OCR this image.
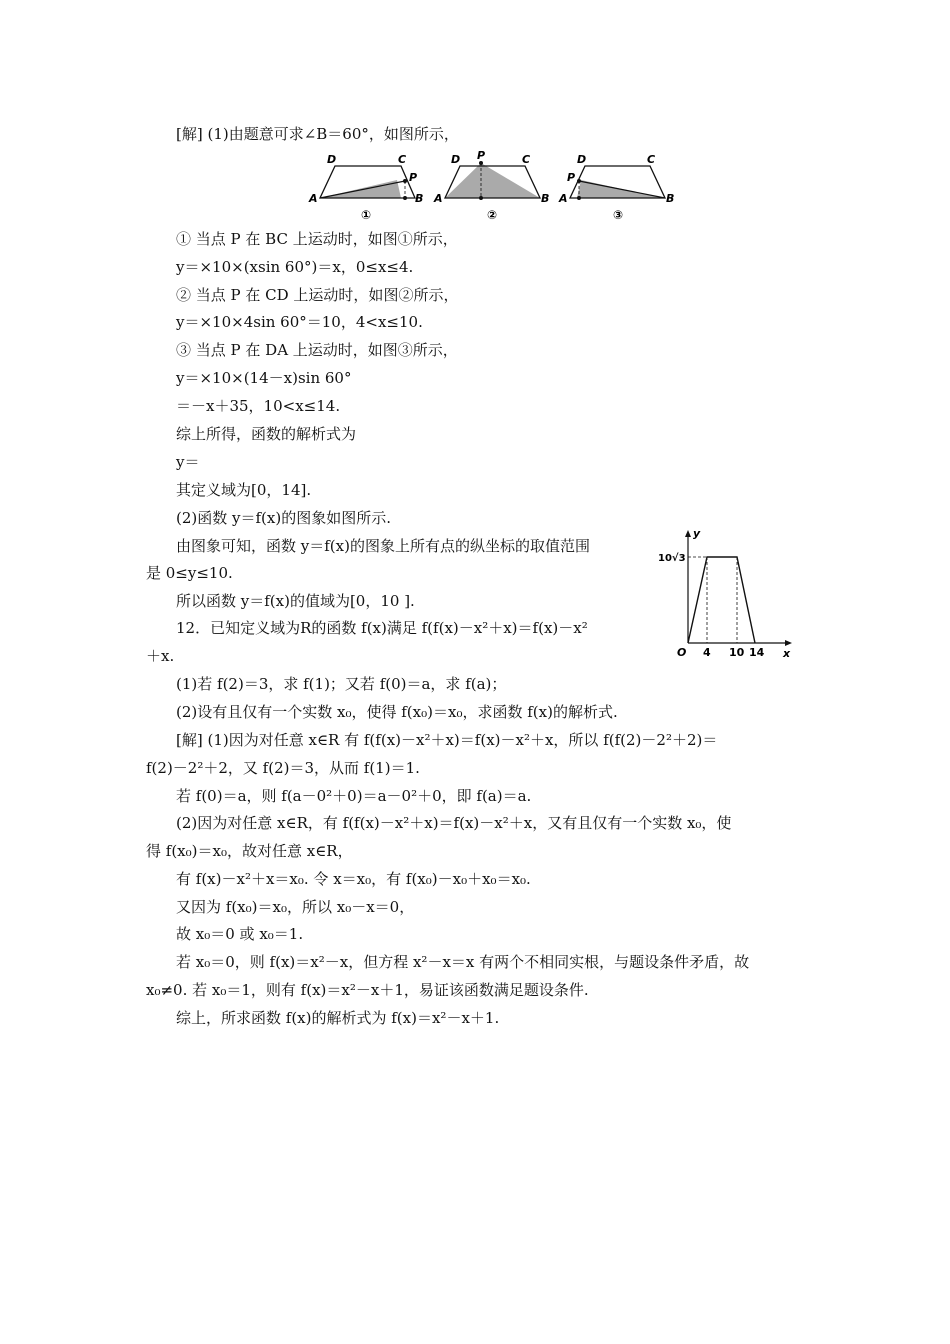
[解] (1)由题意可求∠B＝60°，如图所示，
D	C
A	B
P
①
D P	C
A	B
②
D	C
P
A	B
③
① 当点 P 在 BC 上运动时，如图①所示，
y＝×10×(xsin 60°)＝x，0≤x≤4.
② 当点 P 在 CD 上运动时，如图②所示，
y＝×10×4sin 60°＝10，4<x≤10.
③ 当点 P 在 DA 上运动时，如图③所示，
y＝×10×(14－x)sin 60°
＝－x＋35，10<x≤14.
综上所得，函数的解析式为
y＝
其定义域为[0，14].
(2)函数 y＝f(x)的图象如图所示.
由图象可知，函数 y＝f(x)的图象上所有点的纵坐标的取值范围
是 0≤y≤10.
所以函数 y＝f(x)的值域为[0，10 ].
12．已知定义域为R的函数 f(x)满足 f(f(x)－x²＋x)＝f(x)－x²
＋x.
y
x
O
10√3
4 10 14
(1)若 f(2)＝3，求 f(1)；又若 f(0)＝a，求 f(a)；
(2)设有且仅有一个实数 x₀，使得 f(x₀)＝x₀，求函数 f(x)的解析式.
[解] (1)因为对任意 x∈R 有 f(f(x)－x²＋x)＝f(x)－x²＋x，所以 f(f(2)－2²＋2)＝
f(2)－2²＋2，又 f(2)＝3，从而 f(1)＝1.
若 f(0)＝a，则 f(a－0²＋0)＝a－0²＋0，即 f(a)＝a.
(2)因为对任意 x∈R，有 f(f(x)－x²＋x)＝f(x)－x²＋x，又有且仅有一个实数 x₀，使
得 f(x₀)＝x₀，故对任意 x∈R，
有 f(x)－x²＋x＝x₀. 令 x＝x₀，有 f(x₀)－x₀＋x₀＝x₀.
又因为 f(x₀)＝x₀，所以 x₀－x＝0，
故 x₀＝0 或 x₀＝1.
若 x₀＝0，则 f(x)＝x²－x，但方程 x²－x＝x 有两个不相同实根，与题设条件矛盾，故
x₀≠0. 若 x₀＝1，则有 f(x)＝x²－x＋1，易证该函数满足题设条件.
综上，所求函数 f(x)的解析式为 f(x)＝x²－x＋1.
